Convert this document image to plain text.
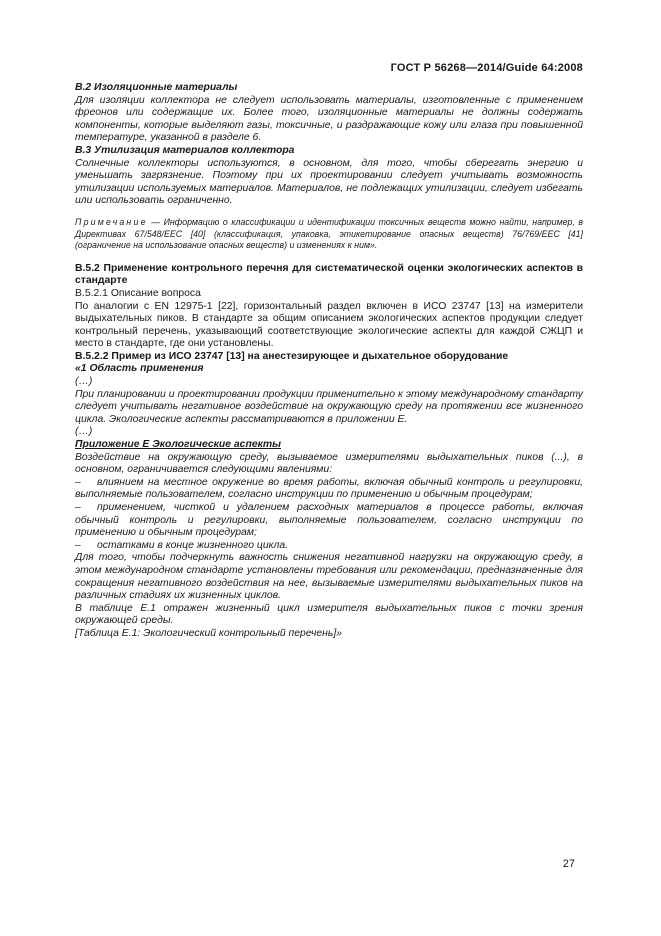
ГОСТ Р 56268—2014/Guide 64:2008

B.2 Изоляционные материалы

Для изоляции коллектора не следует использовать материалы, изготовленные с применением фреонов или содержащие их. Более того, изоляционные материалы не должны содержать компоненты, которые выделяют газы, токсичные, и раздражающие кожу или глаза при повышенной температуре, указанной в разделе 6.

B.3 Утилизация материалов коллектора

Солнечные коллекторы используются, в основном, для того, чтобы сберегать энергию и уменьшать загрязнение. Поэтому при их проектировании следует учитывать возможность утилизации используемых материалов. Материалов, не подлежащих утилизации, следует избегать или использовать ограниченно.

Примечание — Информацию о классификации и идентификации токсичных веществ можно найти, например, в Директивах 67/548/EEC [40] (классификация, упаковка, этикетирование опасных веществ) 76/769/EEC [41] (ограничение на использование опасных веществ) и изменениях к ним».

B.5.2 Применение контрольного перечня для систематической оценки экологических аспектов в стандарте

B.5.2.1 Описание вопроса

По аналогии с EN 12975-1 [22], горизонтальный раздел включен в ИСО 23747 [13] на измерители выдыхательных пиков. В стандарте за общим описанием экологических аспектов продукции следует контрольный перечень, указывающий соответствующие экологические аспекты для каждой СЖЦП и место в стандарте, где они установлены.

B.5.2.2 Пример из ИСО 23747 [13] на анестезирующее и дыхательное оборудование

«1 Область применения

(…)

При планировании и проектировании продукции применительно к этому международному стандарту следует учитывать негативное воздействие на окружающую среду на протяжении все жизненного цикла. Экологические аспекты рассматриваются в приложении Е.

(…)

Приложение Е Экологические аспекты

Воздействие на окружающую среду, вызываемое измерителями выдыхательных пиков (...), в основном, ограничивается следующими явлениями:

– влиянием на местное окружение во время работы, включая обычный контроль и регулировки, выполняемые пользователем, согласно инструкции по применению и обычным процедурам;

– применением, чисткой и удалением расходных материалов в процессе работы, включая обычный контроль и регулировки, выполняемые пользователем, согласно инструкции по применению и обычным процедурам;

– остатками в конце жизненного цикла.

Для того, чтобы подчеркнуть важность снижения негативной нагрузки на окружающую среду, в этом международном стандарте установлены требования или рекомендации, предназначенные для сокращения негативного воздействия на нее, вызываемые измерителями выдыхательных пиков на различных стадиях их жизненных циклов.

В таблице Е.1 отражен жизненный цикл измерителя выдыхательных пиков с точки зрения окружающей среды.

[Таблица Е.1: Экологический контрольный перечень]»

27
